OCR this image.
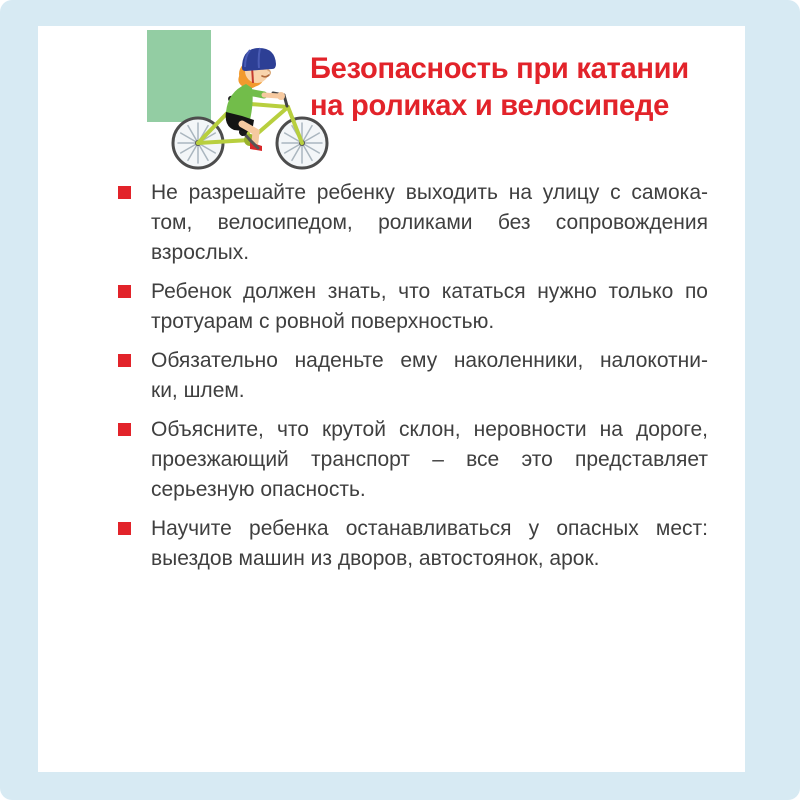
Безопасность при катании
на роликах и велосипеде
Не разрешайте ребенку выходить на улицу с самока-
том, велосипедом, роликами без сопровождения
взрослых.
Ребенок должен знать, что кататься нужно только по
тротуарам с ровной поверхностью.
Обязательно наденьте ему наколенники, налокотни-
ки, шлем.
Объясните, что крутой склон, неровности на дороге,
проезжающий транспорт – все это представляет
серьезную опасность.
Научите ребенка останавливаться у опасных мест:
выездов машин из дворов, автостоянок, арок.
